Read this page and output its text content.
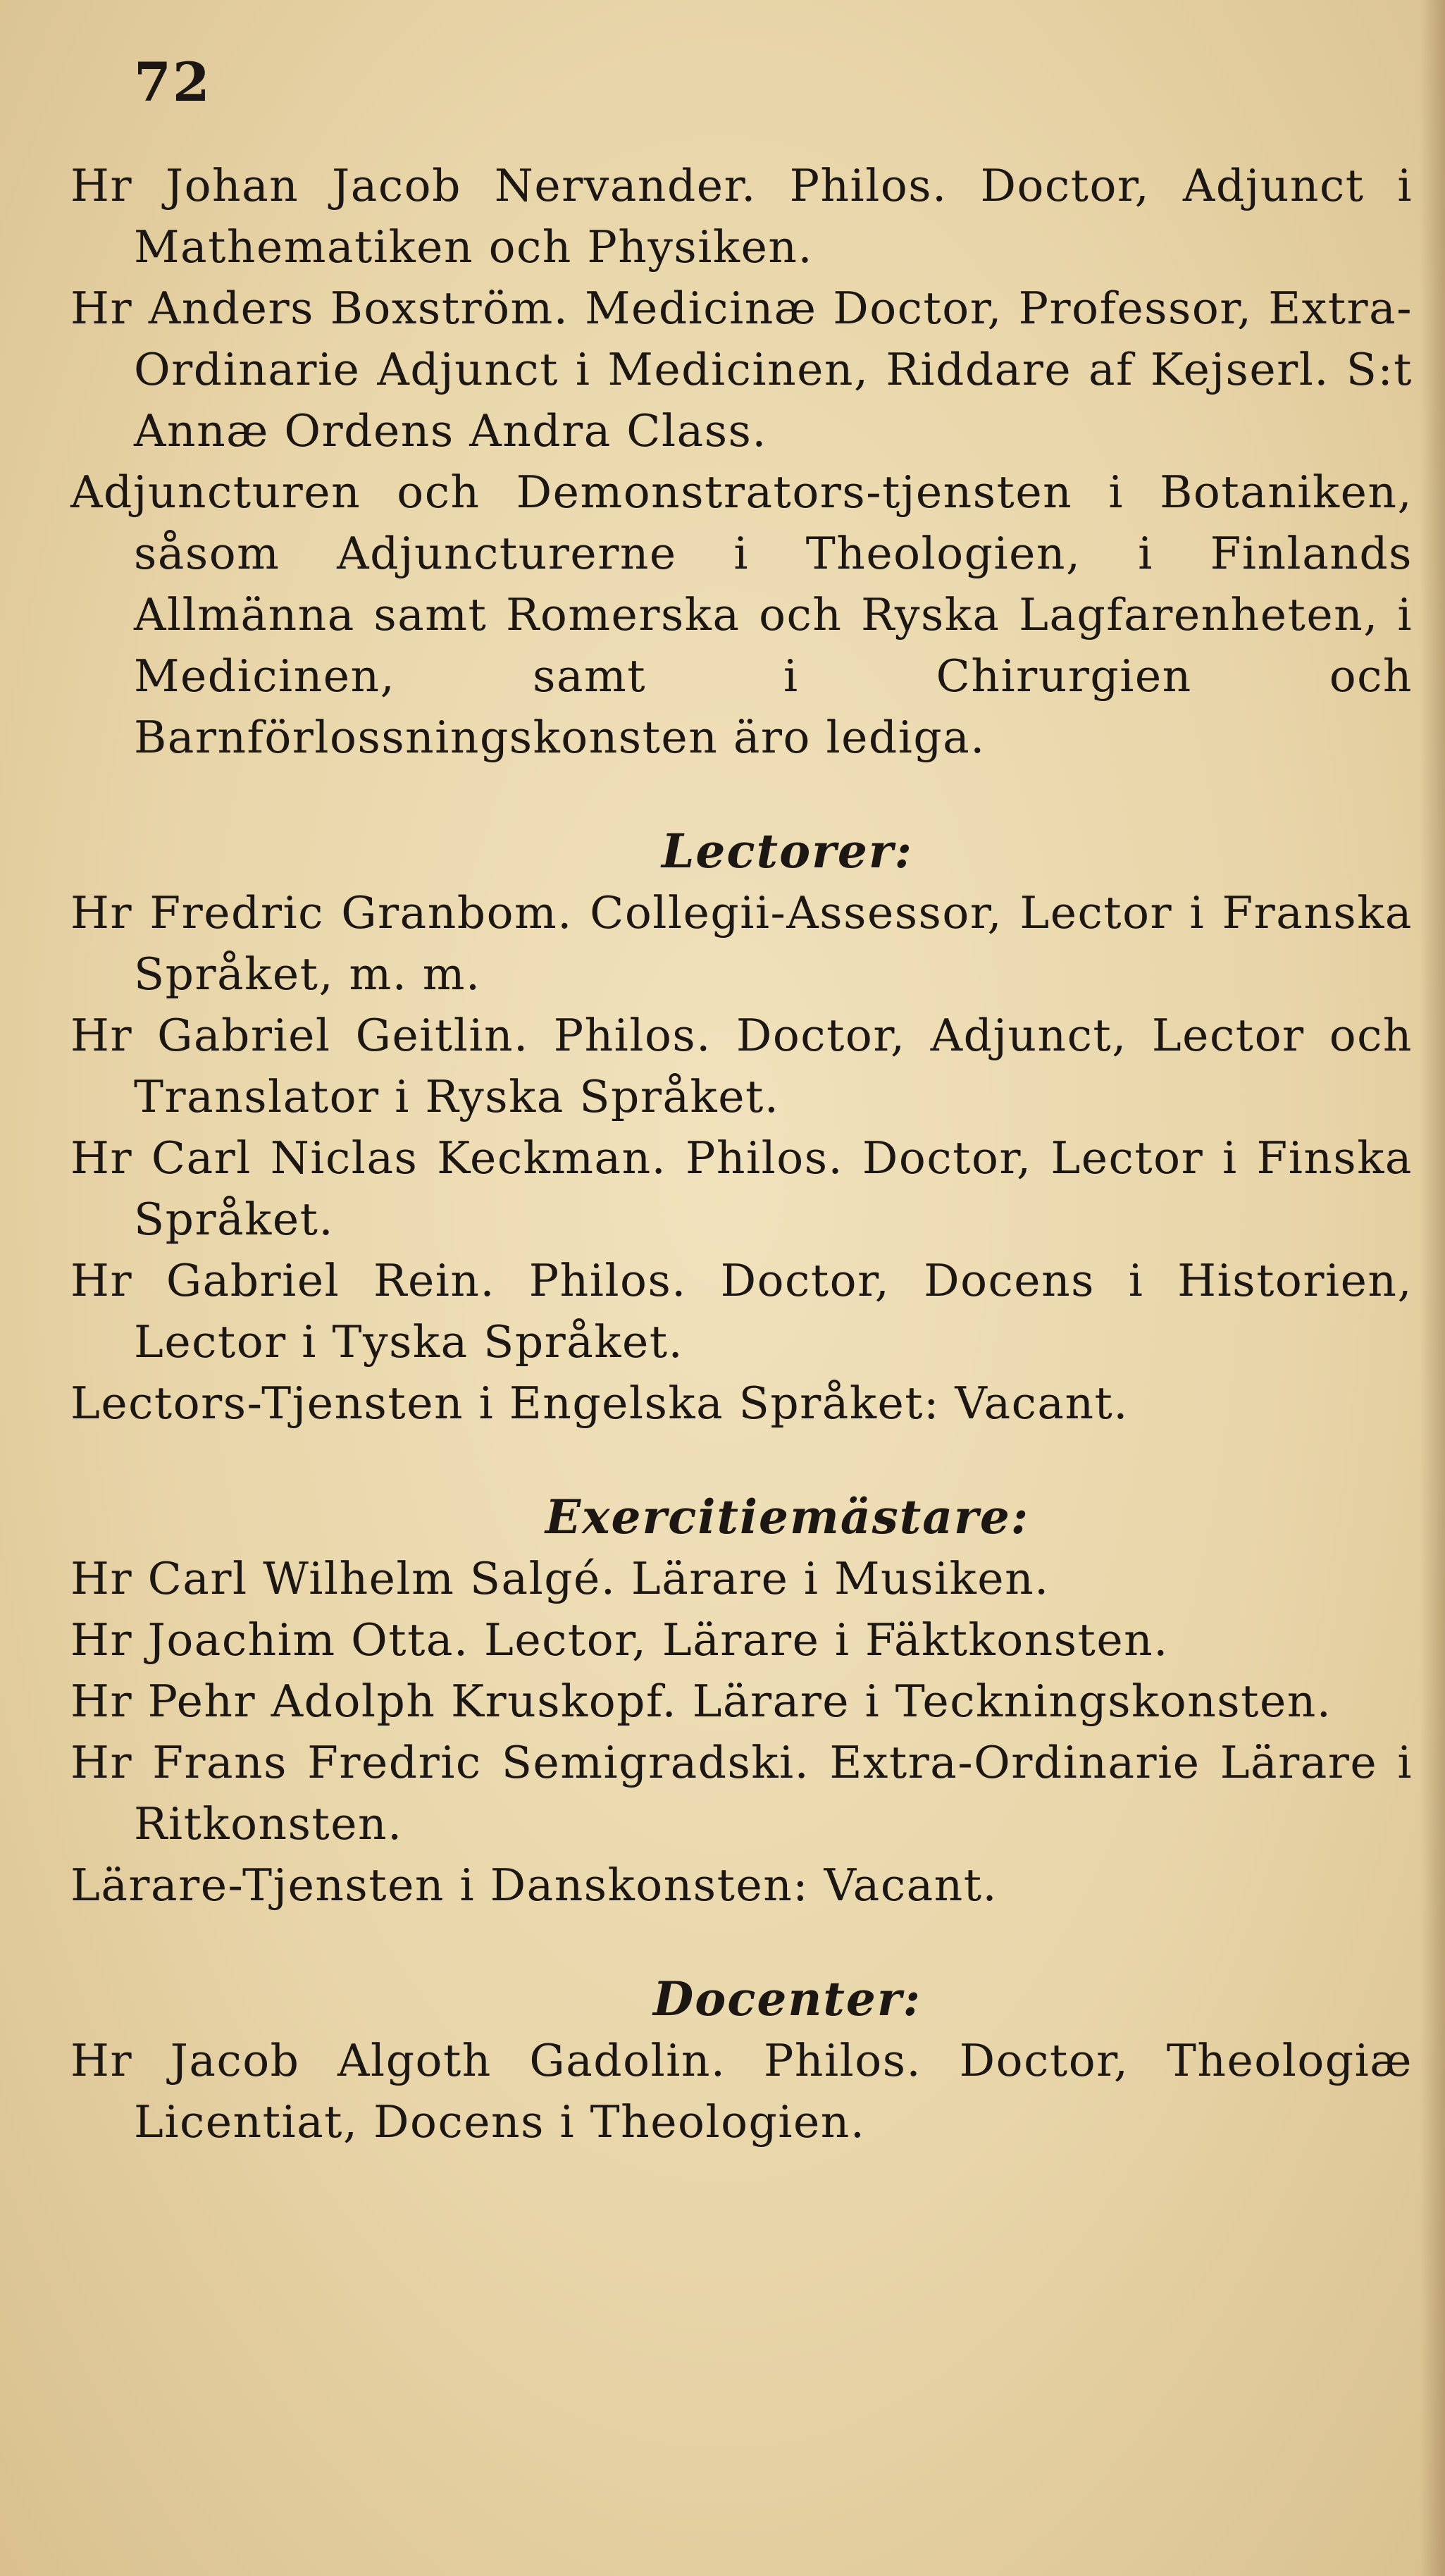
72

Hr Johan Jacob Nervander. Philos. Doctor, Adjunct i Mathematiken och Physiken.

Hr Anders Boxström. Medicinæ Doctor, Professor, Extra-Ordinarie Adjunct i Medicinen, Riddare af Kejserl. S:t Annæ Ordens Andra Class.

Adjuncturen och Demonstrators-tjensten i Botaniken, såsom Adjuncturerne i Theologien, i Finlands Allmänna samt Romerska och Ryska Lagfarenheten, i Medicinen, samt i Chirurgien och Barnförlossningskonsten äro lediga.

Lectorer:

Hr Fredric Granbom. Collegii-Assessor, Lector i Franska Språket, m. m.

Hr Gabriel Geitlin. Philos. Doctor, Adjunct, Lector och Translator i Ryska Språket.

Hr Carl Niclas Keckman. Philos. Doctor, Lector i Finska Språket.

Hr Gabriel Rein. Philos. Doctor, Docens i Historien, Lector i Tyska Språket.

Lectors-Tjensten i Engelska Språket: Vacant.

Exercitiemästare:

Hr Carl Wilhelm Salgé. Lärare i Musiken.

Hr Joachim Otta. Lector, Lärare i Fäktkonsten.

Hr Pehr Adolph Kruskopf. Lärare i Teckningskonsten.

Hr Frans Fredric Semigradski. Extra-Ordinarie Lärare i Ritkonsten.

Lärare-Tjensten i Danskonsten: Vacant.

Docenter:

Hr Jacob Algoth Gadolin. Philos. Doctor, Theologiæ Licentiat, Docens i Theologien.
